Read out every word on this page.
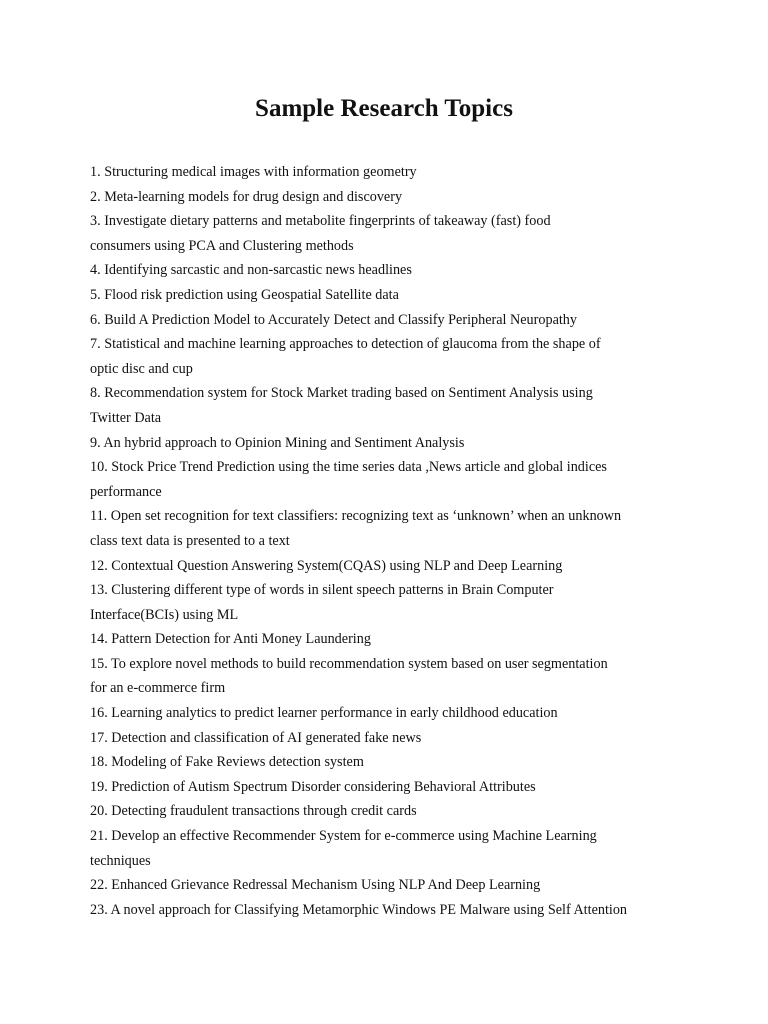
Sample Research Topics
1. Structuring medical images with information geometry
2. Meta-learning models for drug design and discovery
3. Investigate dietary patterns and metabolite fingerprints of takeaway (fast) food
consumers using PCA and Clustering methods
4. Identifying sarcastic and non-sarcastic news headlines
5. Flood risk prediction using Geospatial Satellite data
6. Build A Prediction Model to Accurately Detect and Classify Peripheral Neuropathy
7. Statistical and machine learning approaches to detection of glaucoma from the shape of
optic disc and cup
8. Recommendation system for Stock Market trading based on Sentiment Analysis using
Twitter Data
9. An hybrid approach to Opinion Mining and Sentiment Analysis
10. Stock Price Trend Prediction using the time series data ,News article and global indices
performance
11. Open set recognition for text classifiers: recognizing text as ‘unknown’ when an unknown
class text data is presented to a text
12. Contextual Question Answering System(CQAS) using NLP and Deep Learning
13. Clustering different type of words in silent speech patterns in Brain Computer
Interface(BCIs) using ML
14. Pattern Detection for Anti Money Laundering
15. To explore novel methods to build recommendation system based on user segmentation
for an e-commerce firm
16. Learning analytics to predict learner performance in early childhood education
17. Detection and classification of AI generated fake news
18. Modeling of Fake Reviews detection system
19. Prediction of Autism Spectrum Disorder considering Behavioral Attributes
20. Detecting fraudulent transactions through credit cards
21. Develop an effective Recommender System for e-commerce using Machine Learning
techniques
22. Enhanced Grievance Redressal Mechanism Using NLP And Deep Learning
23. A novel approach for Classifying Metamorphic Windows PE Malware using Self Attention
